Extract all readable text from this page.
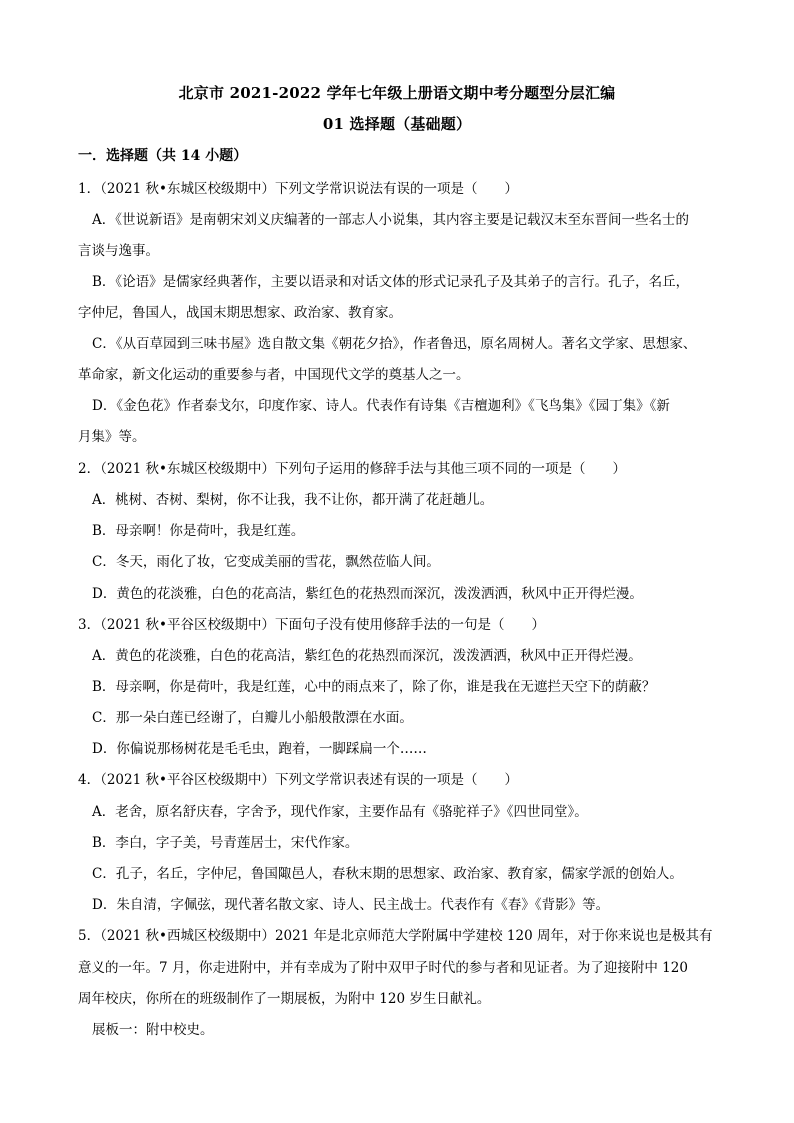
北京市 2021-2022 学年七年级上册语文期中考分题型分层汇编
01 选择题（基础题）
一．选择题（共 14 小题）
1．（2021 秋•东城区校级期中）下列文学常识说法有误的一项是（　　）
A．《世说新语》是南朝宋刘义庆编著的一部志人小说集，其内容主要是记载汉末至东晋间一些名士的
言谈与逸事。
B．《论语》是儒家经典著作，主要以语录和对话文体的形式记录孔子及其弟子的言行。孔子，名丘，
字仲尼，鲁国人，战国末期思想家、政治家、教育家。
C．《从百草园到三味书屋》选自散文集《朝花夕拾》，作者鲁迅，原名周树人。著名文学家、思想家、
革命家，新文化运动的重要参与者，中国现代文学的奠基人之一。
D．《金色花》作者泰戈尔，印度作家、诗人。代表作有诗集《吉檀迦利》《飞鸟集》《园丁集》《新
月集》等。
2．（2021 秋•东城区校级期中）下列句子运用的修辞手法与其他三项不同的一项是（　　）
A．桃树、杏树、梨树，你不让我，我不让你，都开满了花赶趟儿。
B．母亲啊！你是荷叶，我是红莲。
C．冬天，雨化了妆，它变成美丽的雪花，飘然莅临人间。
D．黄色的花淡雅，白色的花高洁，紫红色的花热烈而深沉，泼泼洒洒，秋风中正开得烂漫。
3．（2021 秋•平谷区校级期中）下面句子没有使用修辞手法的一句是（　　）
A．黄色的花淡雅，白色的花高洁，紫红色的花热烈而深沉，泼泼洒洒，秋风中正开得烂漫。
B．母亲啊，你是荷叶，我是红莲，心中的雨点来了，除了你，谁是我在无遮拦天空下的荫蔽？
C．那一朵白莲已经谢了，白瓣儿小船般散漂在水面。
D．你偏说那杨树花是毛毛虫，跑着，一脚踩扁一个……
4．（2021 秋•平谷区校级期中）下列文学常识表述有误的一项是（　　）
A．老舍，原名舒庆春，字舍予，现代作家，主要作品有《骆驼祥子》《四世同堂》。
B．李白，字子美，号青莲居士，宋代作家。
C．孔子，名丘，字仲尼，鲁国陬邑人，春秋末期的思想家、政治家、教育家，儒家学派的创始人。
D．朱自清，字佩弦，现代著名散文家、诗人、民主战士。代表作有《春》《背影》等。
5．（2021 秋•西城区校级期中）2021 年是北京师范大学附属中学建校 120 周年，对于你来说也是极其有
意义的一年。7 月，你走进附中，并有幸成为了附中双甲子时代的参与者和见证者。为了迎接附中 120
周年校庆，你所在的班级制作了一期展板，为附中 120 岁生日献礼。
展板一：附中校史。
